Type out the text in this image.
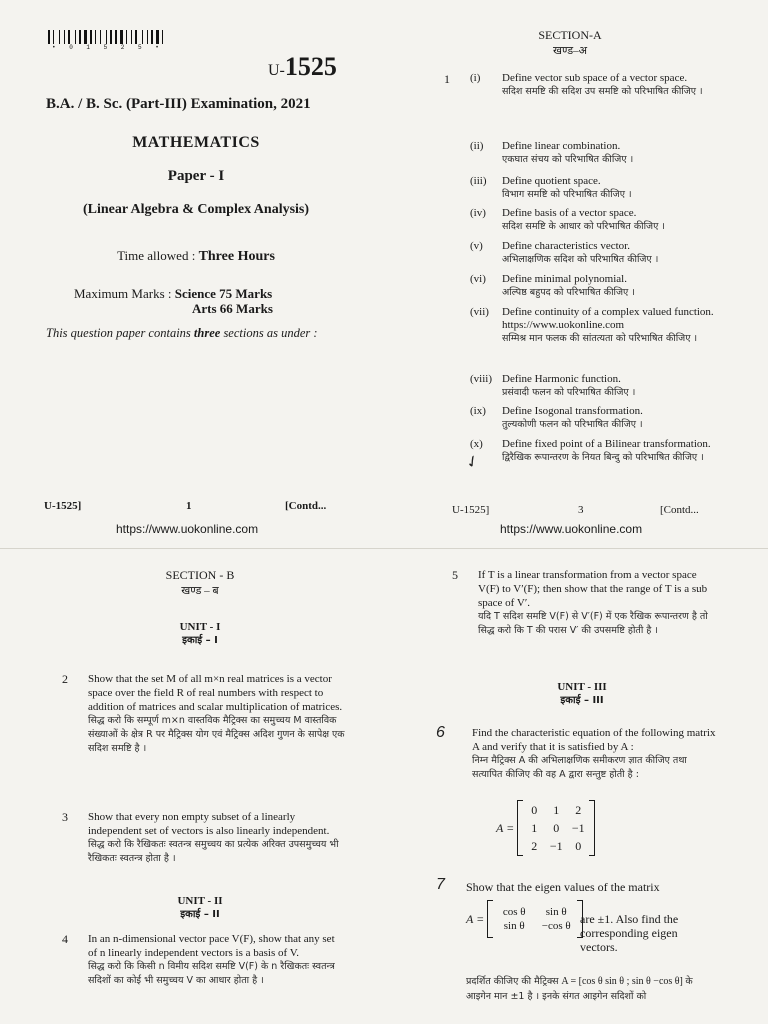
• 0 1 5 2 5 •
U-1525
B.A. / B. Sc. (Part-III) Examination, 2021
MATHEMATICS
Paper - I
(Linear Algebra & Complex Analysis)
Time allowed : Three Hours
Maximum Marks : Science 75 Marks
Arts 66 Marks
This question paper contains three sections as under :
U-1525]	1	[Contd...
https://www.uokonline.com
SECTION-A
खण्ड–अ
1 (i) Define vector sub space of a vector space.
सदिश समष्टि की सदिश उप समष्टि को परिभाषित कीजिए ।
(ii) Define linear combination.
एकघात संचय को परिभाषित कीजिए ।
(iii) Define quotient space.
विभाग समष्टि को परिभाषित कीजिए ।
(iv) Define basis of a vector space.
सदिश समष्टि के आधार को परिभाषित कीजिए ।
(v) Define characteristics vector.
अभिलाक्षणिक सदिश को परिभाषित कीजिए ।
(vi) Define minimal polynomial.
अल्पिष्ठ बहुपद को परिभाषित कीजिए ।
(vii) Define continuity of a complex valued function. https://www.uokonline.com
सम्मिश्र मान फलक की सांतत्यता को परिभाषित कीजिए ।
(viii) Define Harmonic function.
प्रसंवादी फलन को परिभाषित कीजिए ।
(ix) Define Isogonal transformation.
तुल्यकोणी फलन को परिभाषित कीजिए ।
(x) Define fixed point of a Bilinear transformation.
द्विरैखिक रूपान्तरण के नियत बिन्दु को परिभाषित कीजिए ।
✓
U-1525]	3	[Contd...
https://www.uokonline.com
SECTION - B
खण्ड – ब
UNIT - I
इकाई – I
2 Show that the set M of all m×n real matrices is a vector space over the field R of real numbers with respect to addition of matrices and scalar multiplication of matrices.
सिद्ध करो कि सम्पूर्ण m×n वास्तविक मैट्रिक्स का समुच्चय M वास्तविक संख्याओं के क्षेत्र R पर मैट्रिक्स योग एवं मैट्रिक्स अदिश गुणन के सापेक्ष एक सदिश समष्टि है ।
3 Show that every non empty subset of a linearly independent set of vectors is also linearly independent.
सिद्ध करो कि रैखिकतः स्वतन्त्र समुच्चय का प्रत्येक अरिक्त उपसमुच्चय भी रैखिकतः स्वतन्त्र होता है ।
UNIT - II
इकाई – II
4 In an n-dimensional vector pace V(F), show that any set of n linearly independent vectors is a basis of V.
सिद्ध करो कि किसी n विमीय सदिश समष्टि V(F) के n रैखिकतः स्वतन्त्र सदिशों का कोई भी समुच्चय V का आधार होता है ।
5 If T is a linear transformation from a vector space V(F) to V′(F); then show that the range of T is a sub space of V′.
यदि T सदिश समष्टि V(F) से V′(F) में एक रैखिक रूपान्तरण है तो सिद्ध करो कि T की परास V′ की उपसमष्टि होती है ।
UNIT - III
इकाई – III
6 Find the characteristic equation of the following matrix A and verify that it is satisfied by A :
निम्न मैट्रिक्स A की अभिलाक्षणिक समीकरण ज्ञात कीजिए तथा सत्यापित कीजिए की वह A द्वारा सन्तुष्ट होती है :
A =
0	1	2
1	0	−1
2	−1	0
7 Show that the eigen values of the matrix
A =	cos θ	sin θ
sin θ	−cos θ are ±1. Also find the corresponding eigen vectors.
प्रदर्शित कीजिए की मैट्रिक्स A = [cos θ sin θ ; sin θ −cos θ] के आइगेन मान ±1 है । इनके संगत आइगेन सदिशों को
